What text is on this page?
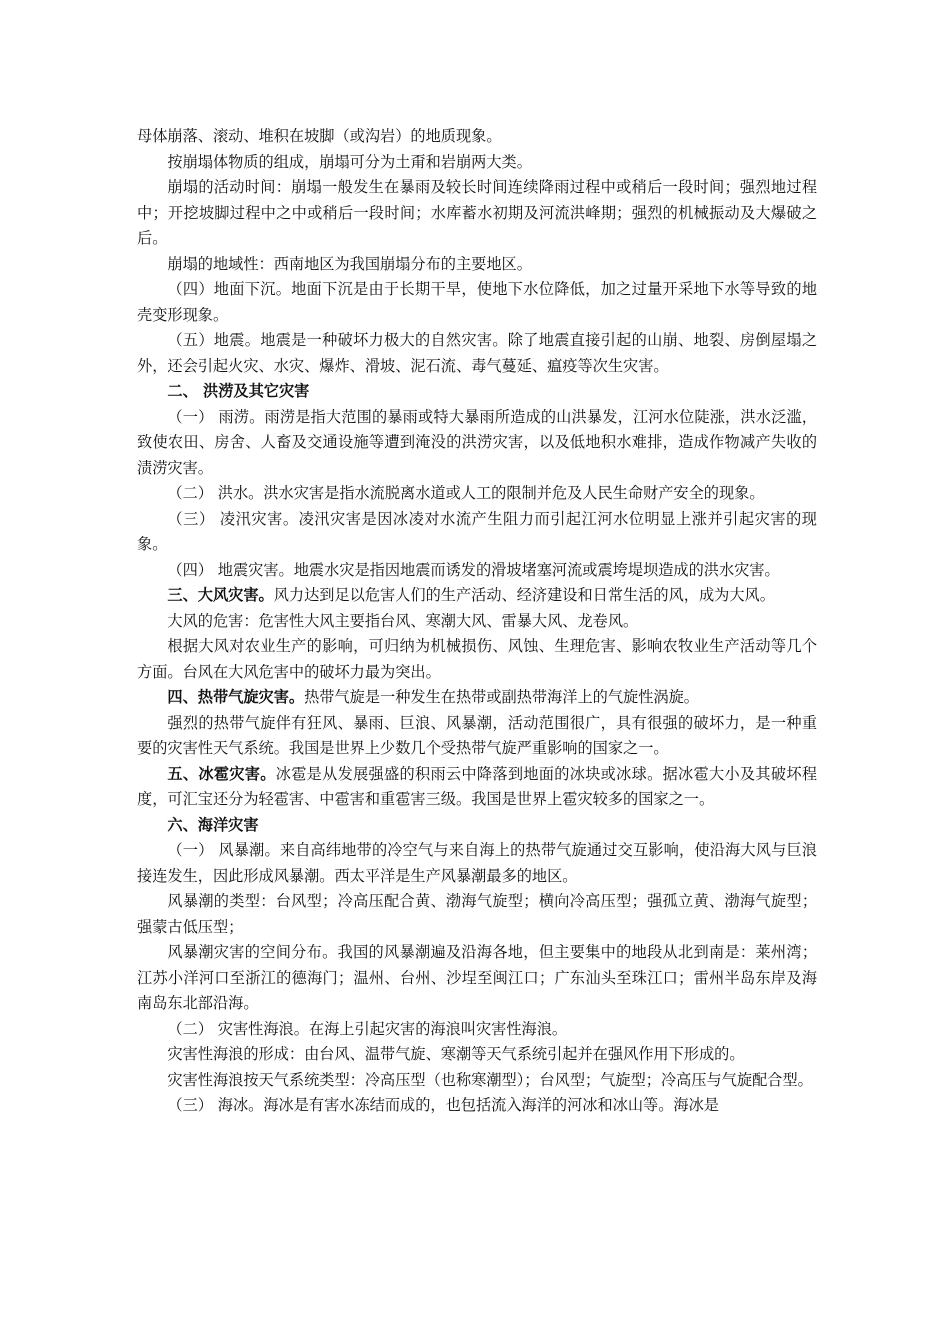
母体崩落、滚动、堆积在坡脚（或沟岩）的地质现象。

按崩塌体物质的组成，崩塌可分为土甭和岩崩两大类。

崩塌的活动时间：崩塌一般发生在暴雨及较长时间连续降雨过程中或稍后一段时间；强烈地过程中；开挖坡脚过程中之中或稍后一段时间；水库蓄水初期及河流洪峰期；强烈的机械振动及大爆破之后。

崩塌的地域性：西南地区为我国崩塌分布的主要地区。

（四）地面下沉。地面下沉是由于长期干旱，使地下水位降低，加之过量开采地下水等导致的地壳变形现象。

（五）地震。地震是一种破坏力极大的自然灾害。除了地震直接引起的山崩、地裂、房倒屋塌之外，还会引起火灾、水灾、爆炸、滑坡、泥石流、毒气蔓延、瘟疫等次生灾害。

二、 洪涝及其它灾害

（一） 雨涝。雨涝是指大范围的暴雨或特大暴雨所造成的山洪暴发，江河水位陡涨，洪水泛滥，致使农田、房舍、人畜及交通设施等遭到淹没的洪涝灾害，以及低地积水难排，造成作物减产失收的渍涝灾害。

（二） 洪水。洪水灾害是指水流脱离水道或人工的限制并危及人民生命财产安全的现象。

（三） 凌汛灾害。凌汛灾害是因冰凌对水流产生阻力而引起江河水位明显上涨并引起灾害的现象。

（四） 地震灾害。地震水灾是指因地震而诱发的滑坡堵塞河流或震垮堤坝造成的洪水灾害。

三、大风灾害。风力达到足以危害人们的生产活动、经济建设和日常生活的风，成为大风。

大风的危害：危害性大风主要指台风、寒潮大风、雷暴大风、龙卷风。

根据大风对农业生产的影响，可归纳为机械损伤、风蚀、生理危害、影响农牧业生产活动等几个方面。台风在大风危害中的破坏力最为突出。

四、热带气旋灾害。热带气旋是一种发生在热带或副热带海洋上的气旋性涡旋。

强烈的热带气旋伴有狂风、暴雨、巨浪、风暴潮，活动范围很广，具有很强的破坏力，是一种重要的灾害性天气系统。我国是世界上少数几个受热带气旋严重影响的国家之一。

五、冰雹灾害。冰雹是从发展强盛的积雨云中降落到地面的冰块或冰球。据冰雹大小及其破坏程度，可汇宝还分为轻雹害、中雹害和重雹害三级。我国是世界上雹灾较多的国家之一。

六、海洋灾害

（一） 风暴潮。来自高纬地带的冷空气与来自海上的热带气旋通过交互影响，使沿海大风与巨浪接连发生，因此形成风暴潮。西太平洋是生产风暴潮最多的地区。

风暴潮的类型：台风型；冷高压配合黄、渤海气旋型；横向冷高压型；强孤立黄、渤海气旋型；强蒙古低压型；

风暴潮灾害的空间分布。我国的风暴潮遍及沿海各地，但主要集中的地段从北到南是：莱州湾；江苏小洋河口至浙江的德海门；温州、台州、沙埕至闽江口；广东汕头至珠江口；雷州半岛东岸及海南岛东北部沿海。

（二） 灾害性海浪。在海上引起灾害的海浪叫灾害性海浪。

灾害性海浪的形成：由台风、温带气旋、寒潮等天气系统引起并在强风作用下形成的。

灾害性海浪按天气系统类型：冷高压型（也称寒潮型）；台风型；气旋型；冷高压与气旋配合型。

（三） 海冰。海冰是有害水冻结而成的，也包括流入海洋的河冰和冰山等。海冰是
